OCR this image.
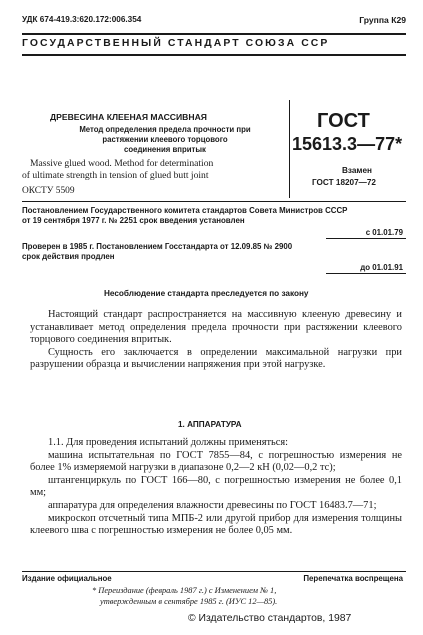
УДК 674-419.3:620.172:006.354	Группа К29
ГОСУДАРСТВЕННЫЙ СТАНДАРТ СОЮЗА ССР
ДРЕВЕСИНА КЛЕЕНАЯ МАССИВНАЯ
Метод определения предела прочности при
растяжении клеевого торцового
соединения впритык
Massive glued wood. Method for determination
of ultimate strength in tension of glued butt joint
ОКСТУ 5509
ГОСТ
15613.3—77*
Взамен
ГОСТ 18207—72
Постановлением Государственного комитета стандартов Совета Министров СССР
от 19 сентября 1977 г. № 2251 срок введения установлен
с 01.01.79
Проверен в 1985 г. Постановлением Госстандарта от 12.09.85 № 2900
срок действия продлен
до 01.01.91
Несоблюдение стандарта преследуется по закону

Настоящий стандарт распространяется на массивную клееную древесину и устанавливает метод определения предела прочности при растяжении клеевого торцового соединения впритык.

Сущность его заключается в определении максимальной нагрузки при разрушении образца и вычислении напряжения при этой нагрузке.

1. АППАРАТУРА

1.1. Для проведения испытаний должны применяться:

машина испытательная по ГОСТ 7855—84, с погрешностью измерения не более 1% измеряемой нагрузки в диапазоне 0,2—2 кН (0,02—0,2 тс);

штангенциркуль по ГОСТ 166—80, с погрешностью измерения не более 0,1 мм;

аппаратура для определения влажности древесины по ГОСТ 16483.7—71;

микроскоп отсчетный типа МПБ-2 или другой прибор для измерения толщины клеевого шва с погрешностью измерения не более 0,05 мм.

Издание официальное	Перепечатка воспрещена
* Переиздание (февраль 1987 г.) с Изменением № 1,
утвержденным в сентябре 1985 г. (ИУС 12—85).
© Издательство стандартов, 1987
